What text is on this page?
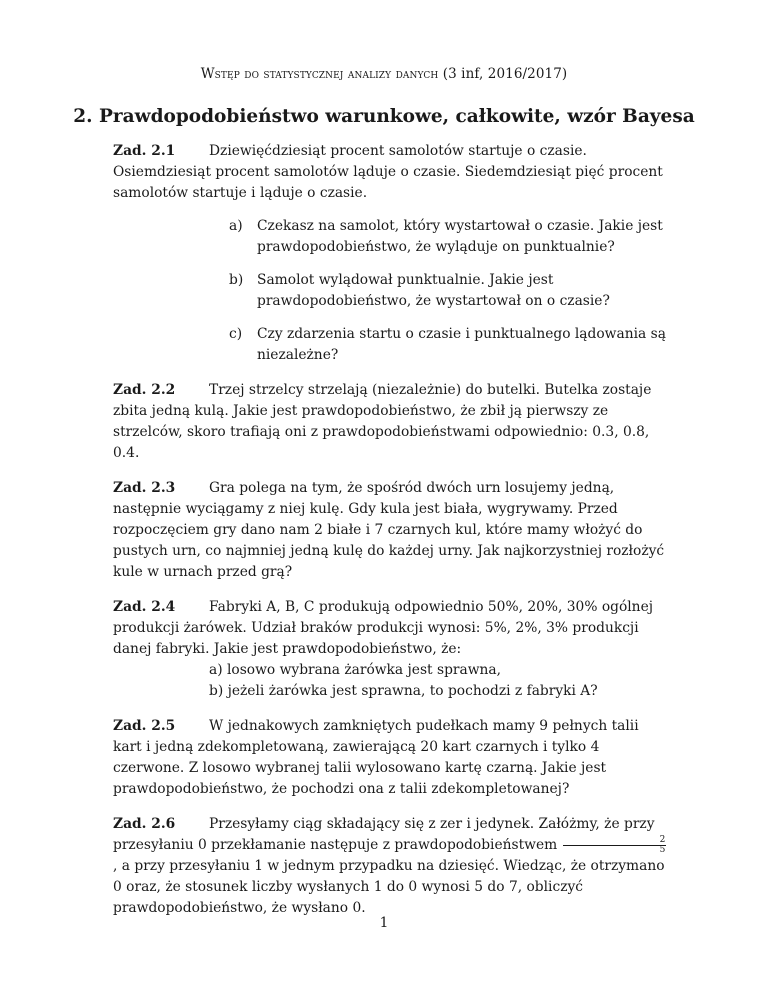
Wstęp do statystycznej analizy danych (3 inf, 2016/2017)
2. Prawdopodobieństwo warunkowe, całkowite, wzór Bayesa
Zad. 2.1	Dziewięćdziesiąt procent samolotów startuje o czasie. Osiemdziesiąt procent samolotów ląduje o czasie. Siedemdziesiąt pięć procent samolotów startuje i ląduje o czasie.
a) Czekasz na samolot, który wystartował o czasie. Jakie jest prawdopodobieństwo, że wyląduje on punktualnie?
b) Samolot wylądował punktualnie. Jakie jest prawdopodobieństwo, że wystartował on o czasie?
c) Czy zdarzenia startu o czasie i punktualnego lądowania są niezależne?
Zad. 2.2	Trzej strzelcy strzelają (niezależnie) do butelki. Butelka zostaje zbita jedną kulą. Jakie jest prawdopodobieństwo, że zbił ją pierwszy ze strzelców, skoro trafiają oni z prawdopodobieństwami odpowiednio: 0.3, 0.8, 0.4.
Zad. 2.3	Gra polega na tym, że spośród dwóch urn losujemy jedną, następnie wyciągamy z niej kulę. Gdy kula jest biała, wygrywamy. Przed rozpoczęciem gry dano nam 2 białe i 7 czarnych kul, które mamy włożyć do pustych urn, co najmniej jedną kulę do każdej urny. Jak najkorzystniej rozłożyć kule w urnach przed grą?
Zad. 2.4	Fabryki A, B, C produkują odpowiednio 50%, 20%, 30% ogólnej produkcji żarówek. Udział braków produkcji wynosi: 5%, 2%, 3% produkcji danej fabryki. Jakie jest prawdopodobieństwo, że:
a) losowo wybrana żarówka jest sprawna,
b) jeżeli żarówka jest sprawna, to pochodzi z fabryki A?
Zad. 2.5	W jednakowych zamkniętych pudełkach mamy 9 pełnych talii kart i jedną zdekompletowaną, zawierającą 20 kart czarnych i tylko 4 czerwone. Z losowo wybranej talii wylosowano kartę czarną. Jakie jest prawdopodobieństwo, że pochodzi ona z talii zdekompletowanej?
Zad. 2.6	Przesyłamy ciąg składający się z zer i jedynek. Załóżmy, że przy przesyłaniu 0 przekłamanie następuje z prawdopodobieństwem $\frac{2}{5}$
, a przy przesyłaniu 1 w jednym przypadku na dziesięć. Wiedząc, że otrzymano 0 oraz, że stosunek liczby wysłanych 1 do 0 wynosi 5 do 7, obliczyć prawdopodobieństwo, że wysłano 0.
1
